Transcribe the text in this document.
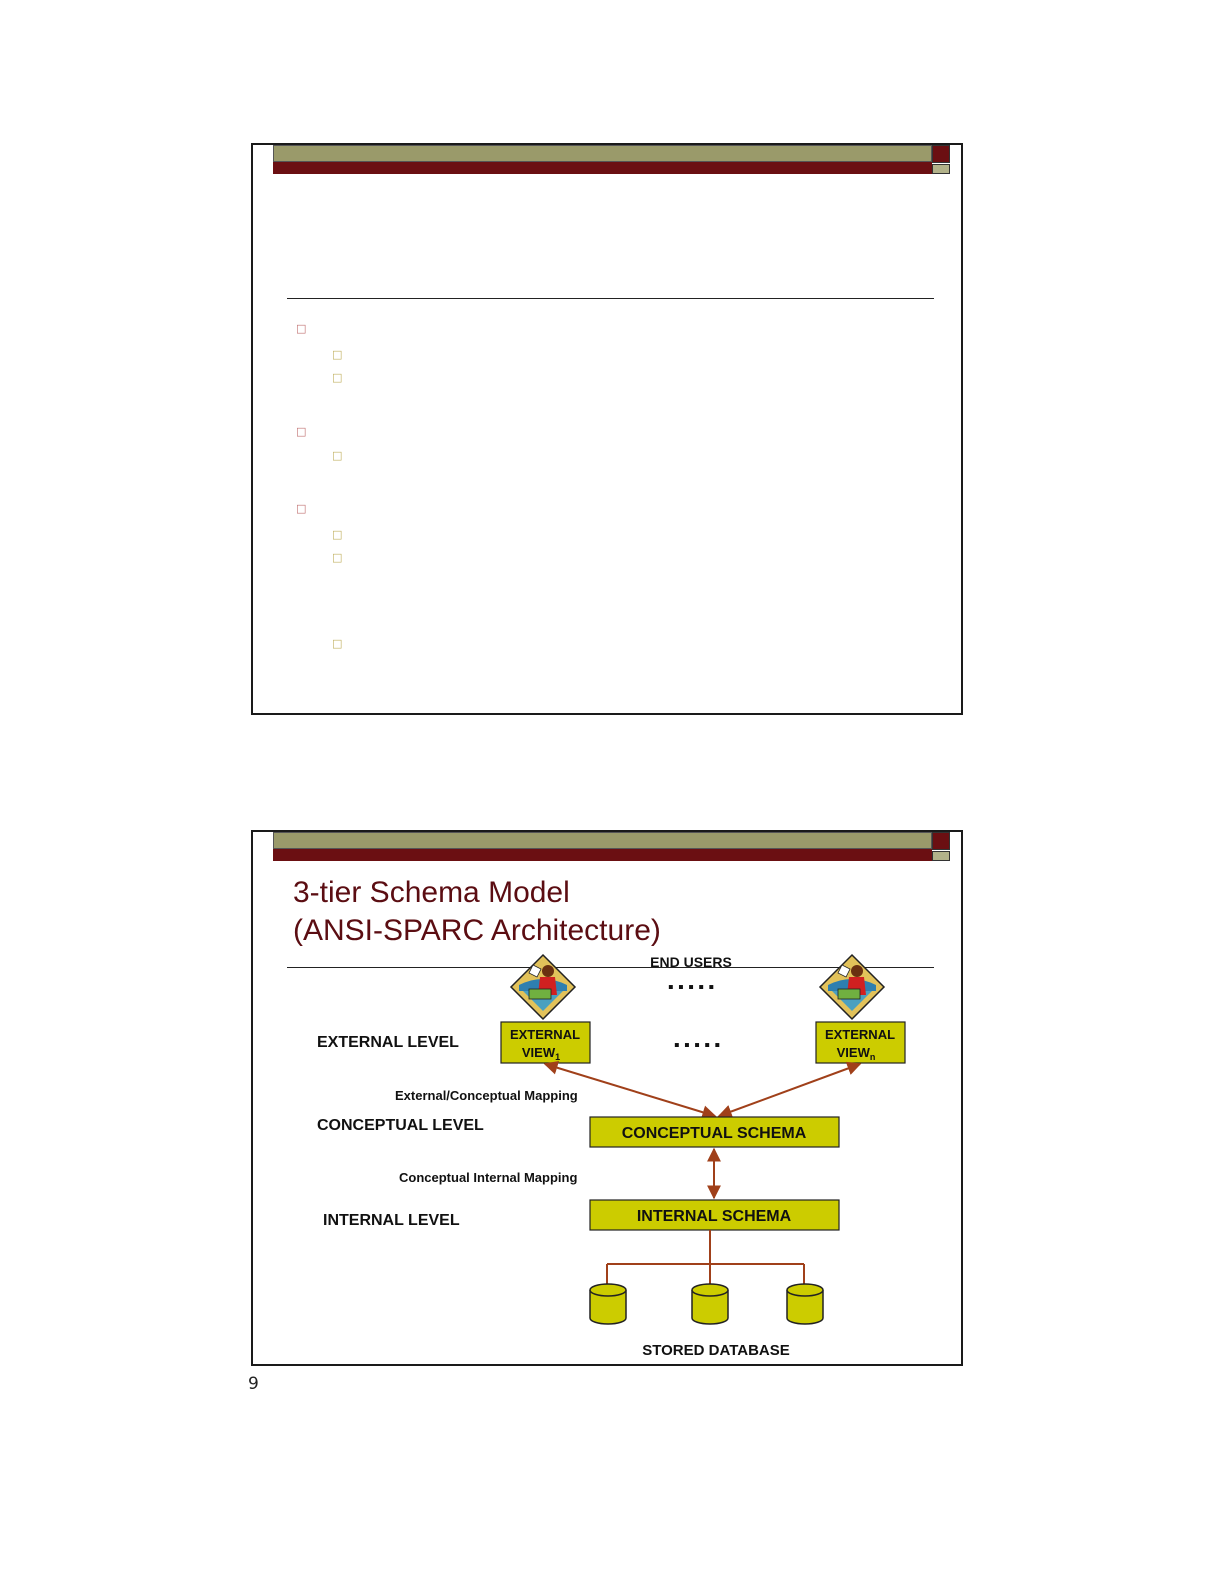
□
□
□
□
□
□
□
□
□
3-tier Schema Model
(ANSI-SPARC Architecture)
END USERS
▪ ▪ ▪ ▪ ▪
EXTERNAL LEVEL	EXTERNAL
$VIEW_1$
▪ ▪ ▪ ▪ ▪
EXTERNAL
$VIEW_n$
External/Conceptual Mapping
CONCEPTUAL LEVEL	CONCEPTUAL SCHEMA
Conceptual Internal Mapping
INTERNAL LEVEL	INTERNAL SCHEMA
STORED DATABASE
9
